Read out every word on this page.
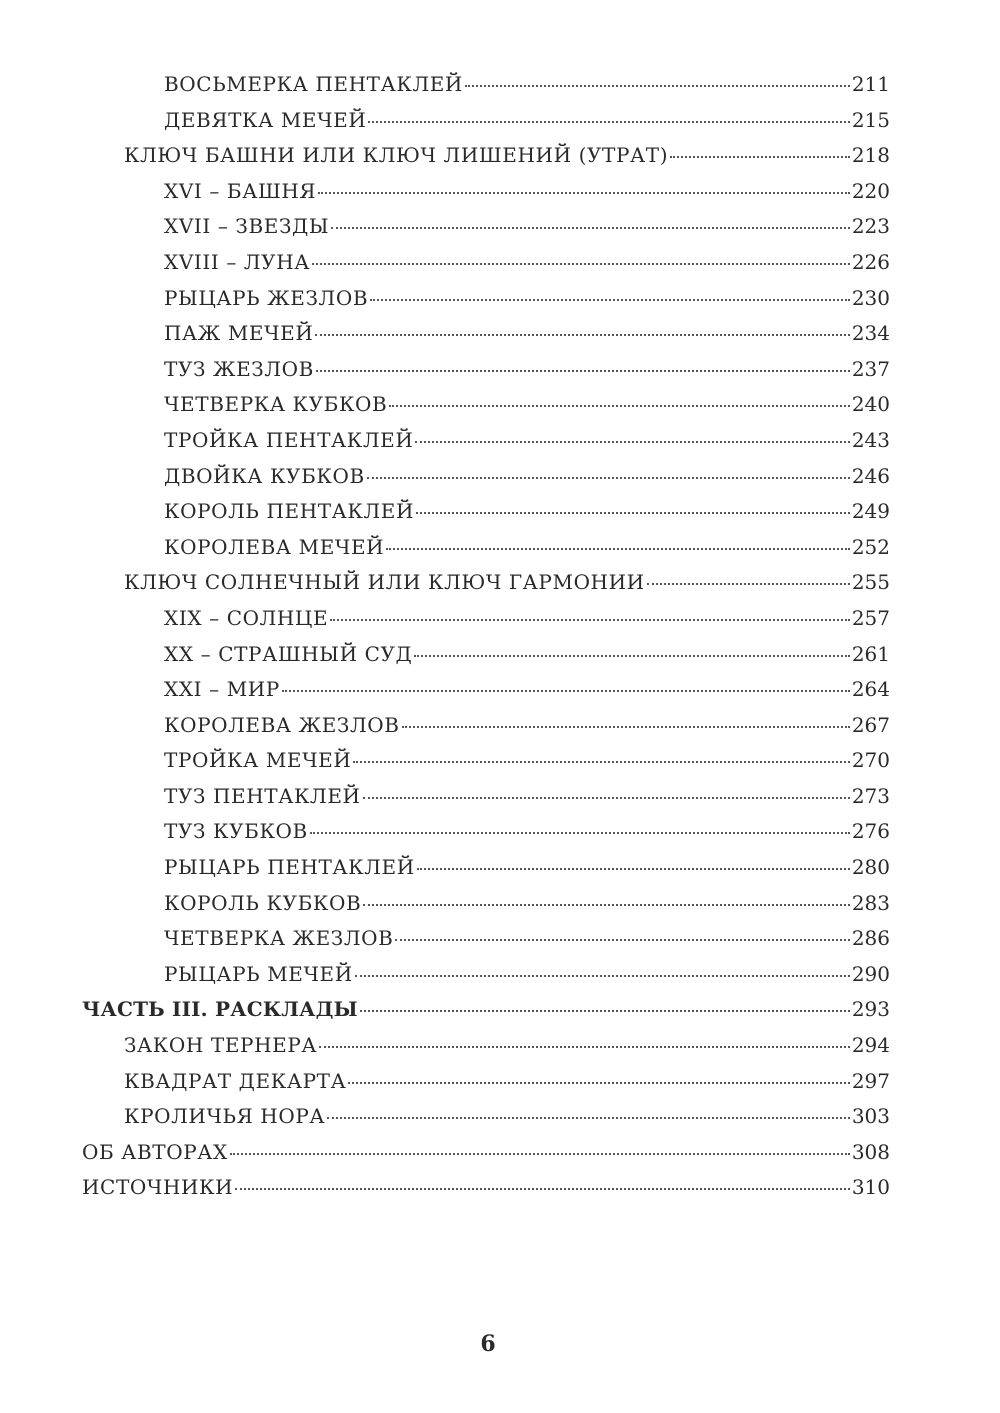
ВОСЬМЕРКА ПЕНТАКЛЕЙ	211
ДЕВЯТКА МЕЧЕЙ	215
КЛЮЧ БАШНИ ИЛИ КЛЮЧ ЛИШЕНИЙ (УТРАТ)	218
XVI – БАШНЯ	220
XVII – ЗВЕЗДЫ	223
XVIII – ЛУНА	226
РЫЦАРЬ ЖЕЗЛОВ	230
ПАЖ МЕЧЕЙ	234
ТУЗ ЖЕЗЛОВ	237
ЧЕТВЕРКА КУБКОВ	240
ТРОЙКА ПЕНТАКЛЕЙ	243
ДВОЙКА КУБКОВ	246
КОРОЛЬ ПЕНТАКЛЕЙ	249
КОРОЛЕВА МЕЧЕЙ	252
КЛЮЧ СОЛНЕЧНЫЙ ИЛИ КЛЮЧ ГАРМОНИИ	255
XIX – СОЛНЦЕ	257
XX – СТРАШНЫЙ СУД	261
XXI – МИР	264
КОРОЛЕВА ЖЕЗЛОВ	267
ТРОЙКА МЕЧЕЙ	270
ТУЗ ПЕНТАКЛЕЙ	273
ТУЗ КУБКОВ	276
РЫЦАРЬ ПЕНТАКЛЕЙ	280
КОРОЛЬ КУБКОВ	283
ЧЕТВЕРКА ЖЕЗЛОВ	286
РЫЦАРЬ МЕЧЕЙ	290
ЧАСТЬ III. РАСКЛАДЫ	293
ЗАКОН ТЕРНЕРА	294
КВАДРАТ ДЕКАРТА	297
КРОЛИЧЬЯ НОРА	303
ОБ АВТОРАХ	308
ИСТОЧНИКИ	310
6
